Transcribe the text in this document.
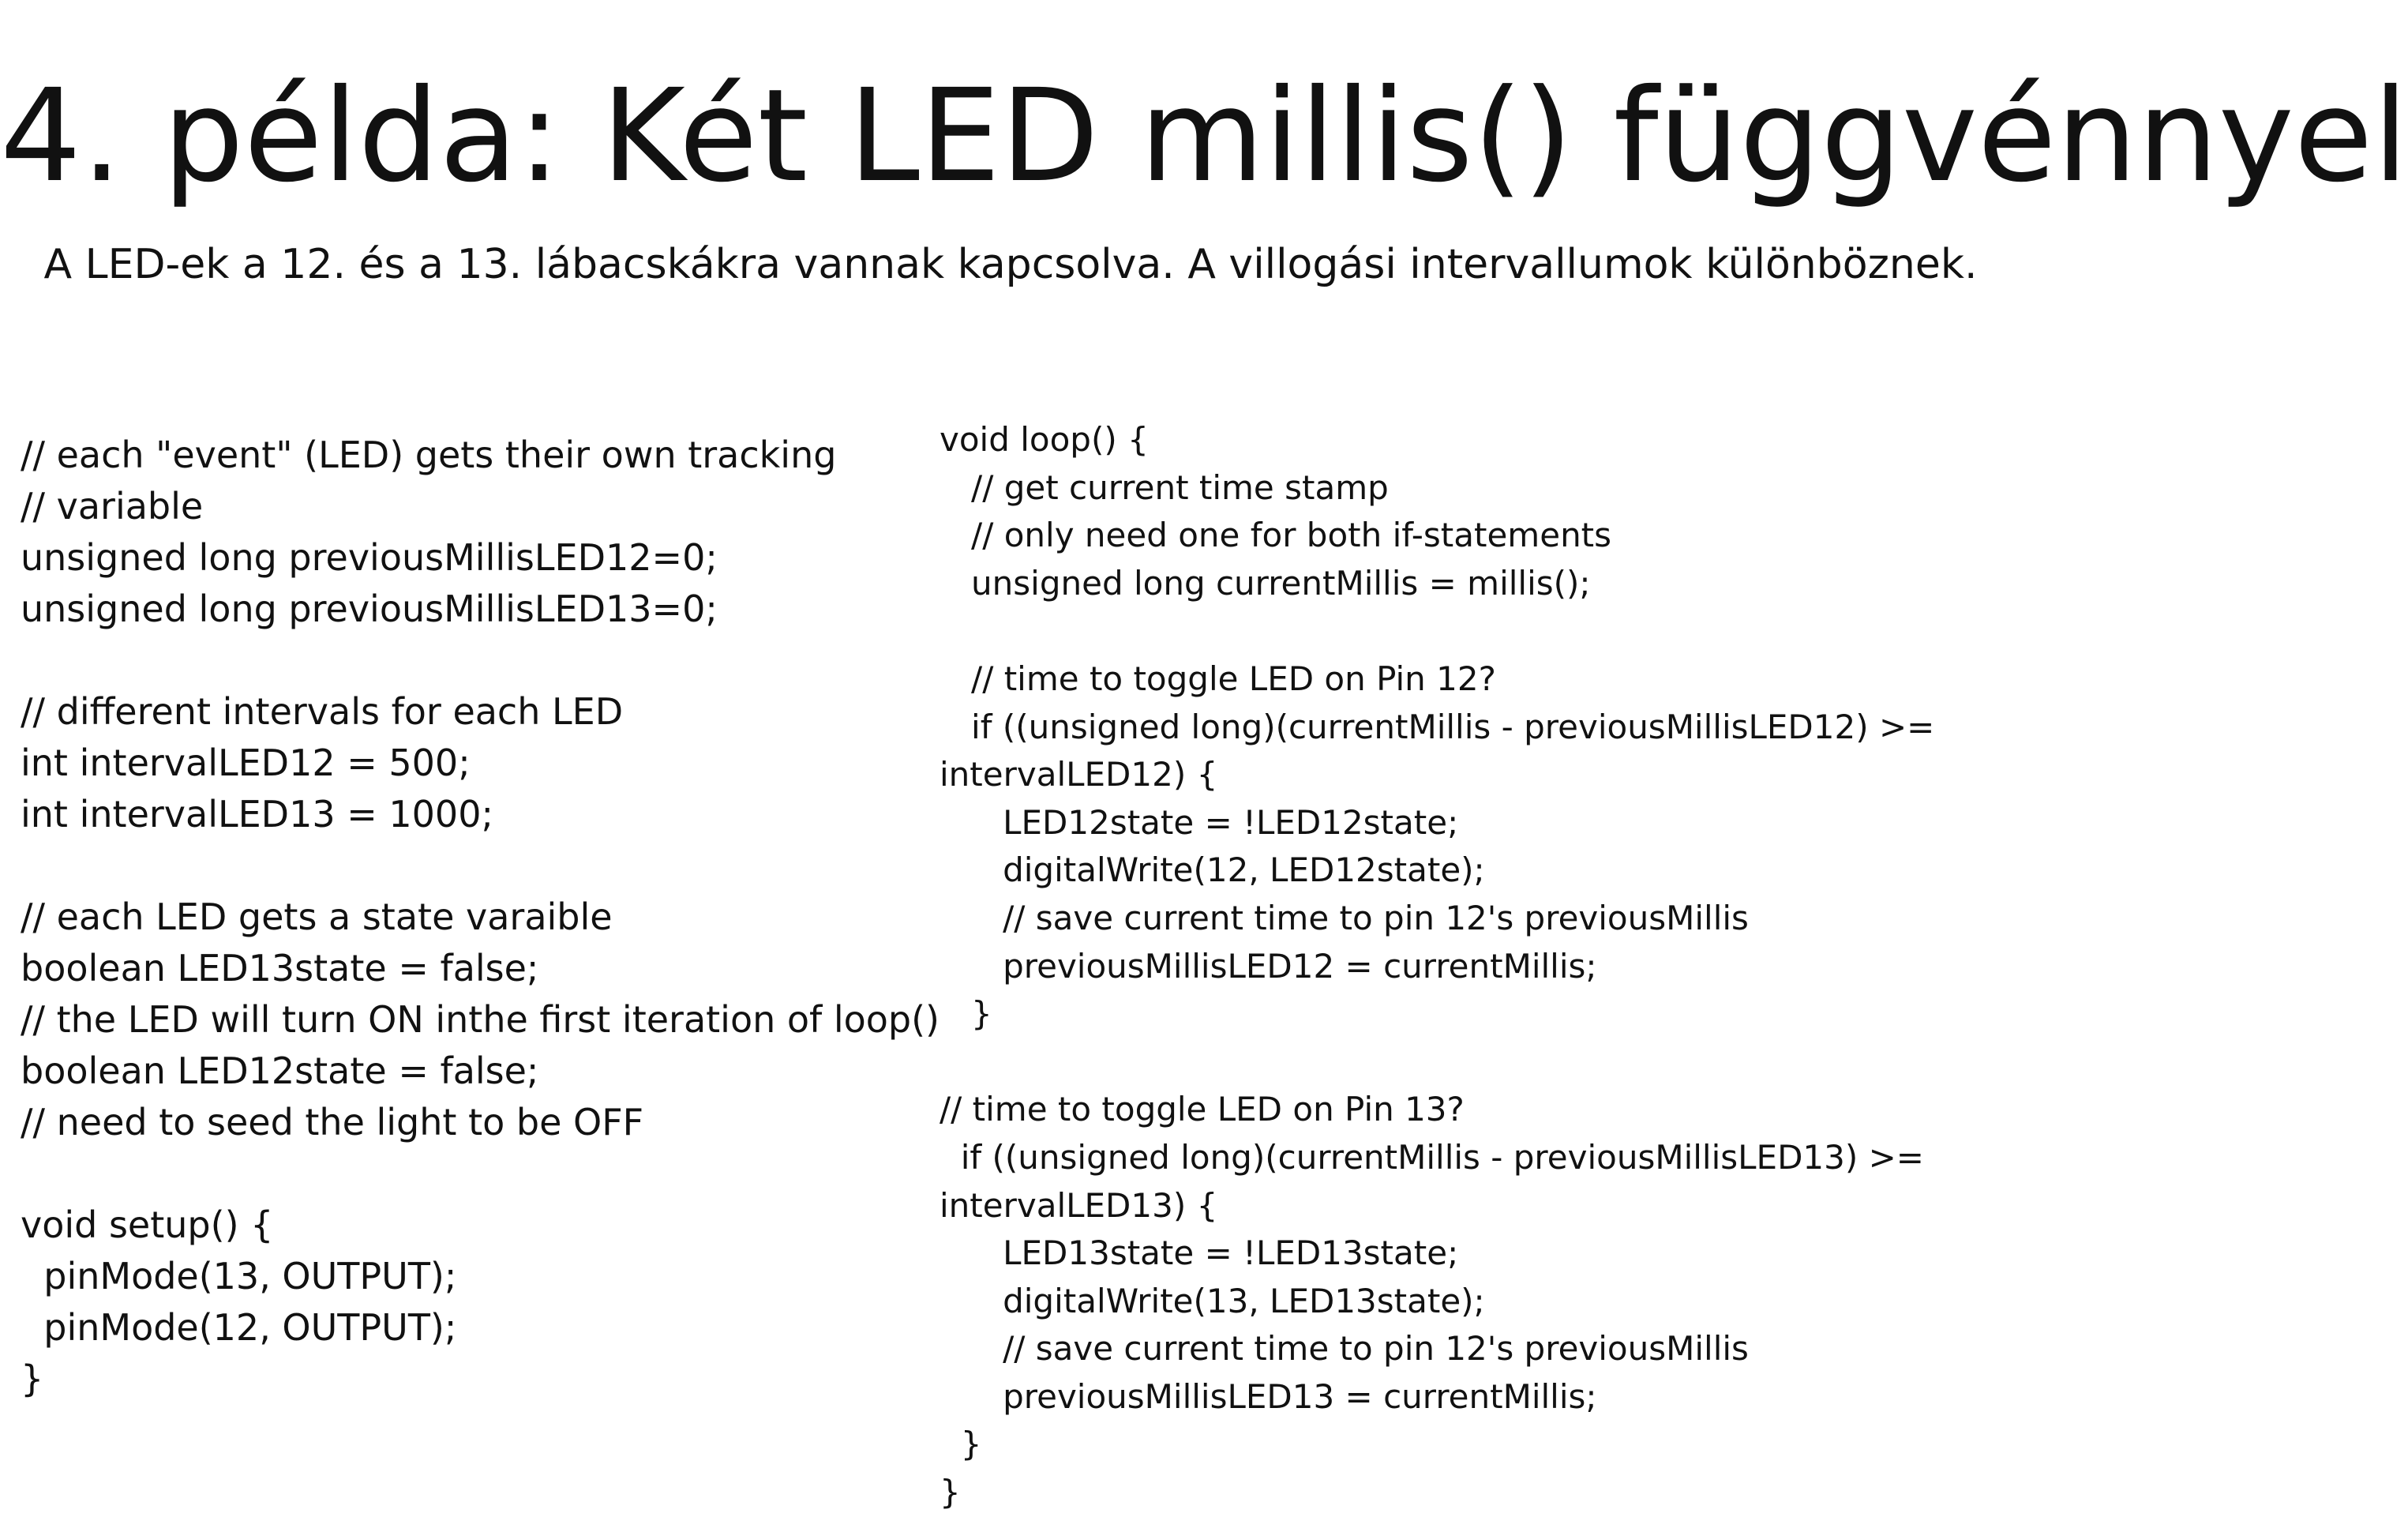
4. példa: Két LED millis() függvénnyel

A LED-ek a 12. és a 13. lábacskákra vannak kapcsolva. A villogási intervallumok különböznek.

// each "event" (LED) gets their own tracking
// variable
unsigned long previousMillisLED12=0;
unsigned long previousMillisLED13=0;
// different intervals for each LED
int intervalLED12 = 500;
int intervalLED13 = 1000;
// each LED gets a state varaible
boolean LED13state = false;
// the LED will turn ON inthe first iteration of loop()
boolean LED12state = false;
// need to seed the light to be OFF
void setup() {
pinMode(13, OUTPUT);
pinMode(12, OUTPUT);
}
void loop() {
// get current time stamp
// only need one for both if-statements
unsigned long currentMillis = millis();
// time to toggle LED on Pin 12?
if ((unsigned long)(currentMillis - previousMillisLED12) >=
intervalLED12) {
LED12state = !LED12state;
digitalWrite(12, LED12state);
// save current time to pin 12's previousMillis
previousMillisLED12 = currentMillis;
}
// time to toggle LED on Pin 13?
if ((unsigned long)(currentMillis - previousMillisLED13) >=
intervalLED13) {
LED13state = !LED13state;
digitalWrite(13, LED13state);
// save current time to pin 12's previousMillis
previousMillisLED13 = currentMillis;
}
}
